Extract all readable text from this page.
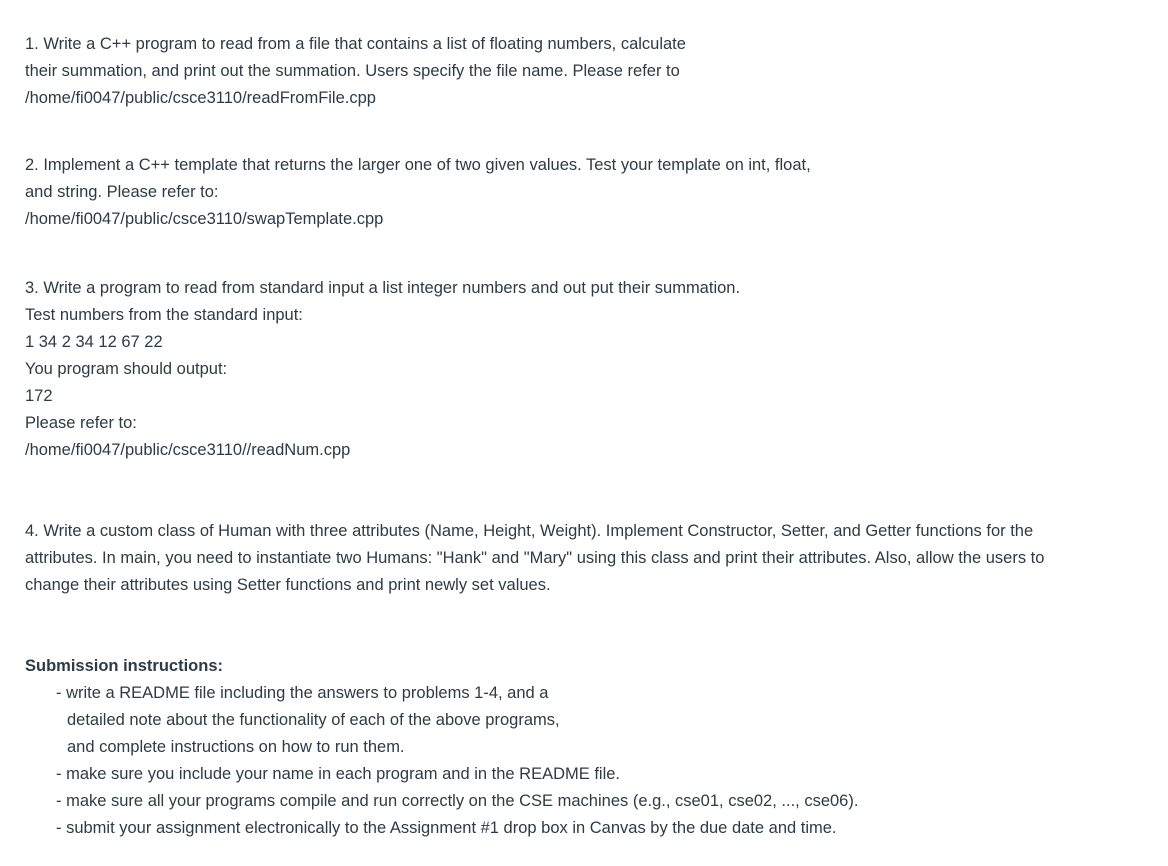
1. Write a C++ program to read from a file that contains a list of floating numbers, calculate
their summation, and print out the summation. Users specify the file name. Please refer to
/home/fi0047/public/csce3110/readFromFile.cpp
2. Implement a C++ template that returns the larger one of two given values. Test your template on int, float,
and string. Please refer to:
/home/fi0047/public/csce3110/swapTemplate.cpp
3. Write a program to read from standard input a list integer numbers and out put their summation.
Test numbers from the standard input:
1 34 2 34 12 67 22
You program should output:
172
Please refer to:
/home/fi0047/public/csce3110//readNum.cpp
4. Write a custom class of Human with three attributes (Name, Height, Weight). Implement Constructor, Setter, and Getter functions for the
attributes. In main, you need to instantiate two Humans: "Hank" and "Mary" using this class and print their attributes. Also, allow the users to
change their attributes using Setter functions and print newly set values.
Submission instructions:
- write a README file including the answers to problems 1-4, and a
detailed note about the functionality of each of the above programs,
and complete instructions on how to run them.
- make sure you include your name in each program and in the README file.
- make sure all your programs compile and run correctly on the CSE machines (e.g., cse01, cse02, ..., cse06).
- submit your assignment electronically to the Assignment #1 drop box in Canvas by the due date and time.
